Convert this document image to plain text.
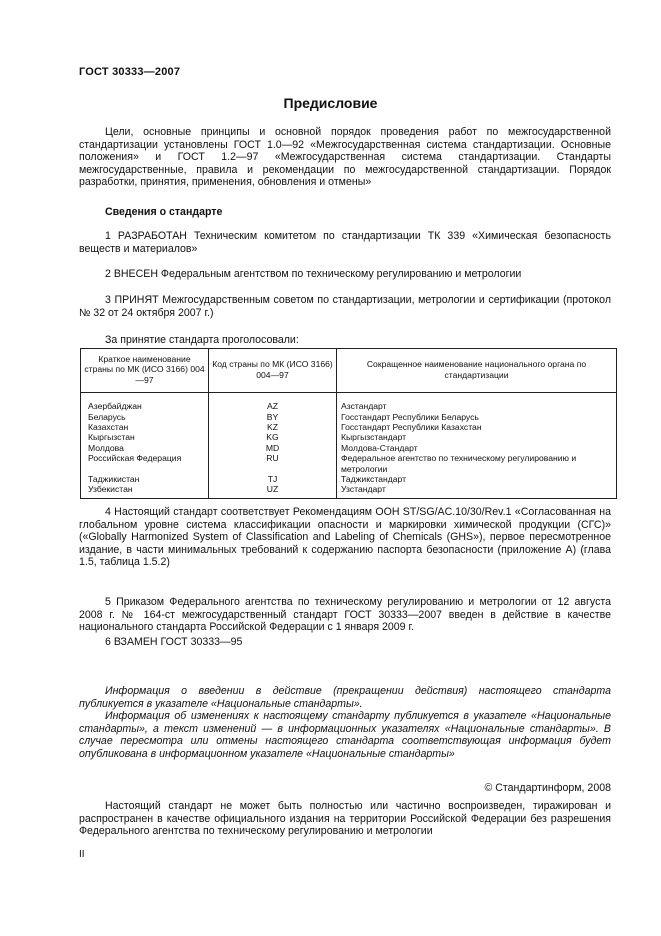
ГОСТ 30333—2007
Предисловие

Цели, основные принципы и основной порядок проведения работ по межгосударственной стандартизации установлены ГОСТ 1.0—92 «Межгосударственная система стандартизации. Основные положения» и ГОСТ 1.2—97 «Межгосударственная система стандартизации. Стандарты межгосударственные, правила и рекомендации по межгосударственной стандартизации. Порядок разработки, принятия, применения, обновления и отмены»

Сведения о стандарте
1 РАЗРАБОТАН Техническим комитетом по стандартизации ТК 339 «Химическая безопасность веществ и материалов»
2 ВНЕСЕН Федеральным агентством по техническому регулированию и метрологии
3 ПРИНЯТ Межгосударственным советом по стандартизации, метрологии и сертификации (протокол № 32 от 24 октября 2007 г.)
За принятие стандарта проголосовали:
Краткое наименование страны по МК (ИСО 3166) 004—97	Код страны по МК (ИСО 3166) 004—97	Сокращенное наименование национального органа по стандартизации
Азербайджан	AZ	Азстандарт
Беларусь	BY	Госстандарт Республики Беларусь
Казахстан	KZ	Госстандарт Республики Казахстан
Кыргызстан	KG	Кыргызстандарт
Молдова	MD	Молдова-Стандарт
Российская Федерация	RU	Федеральное агентство по техническому регулированию и метрологии
Таджикистан	TJ	Таджикстандарт
Узбекистан	UZ	Узстандарт
4 Настоящий стандарт соответствует Рекомендациям ООН ST/SG/AC.10/30/Rev.1 «Согласованная на глобальном уровне система классификации опасности и маркировки химической продукции (СГС)» («Globally Harmonized System of Classification and Labeling of Chemicals (GHS»), первое пересмотренное издание, в части минимальных требований к содержанию паспорта безопасности (приложение А) (глава 1.5, таблица 1.5.2)
5 Приказом Федерального агентства по техническому регулированию и метрологии от 12 августа 2008 г. № 164-ст межгосударственный стандарт ГОСТ 30333—2007 введен в действие в качестве национального стандарта Российской Федерации с 1 января 2009 г.
6 ВЗАМЕН ГОСТ 30333—95

Информация о введении в действие (прекращении действия) настоящего стандарта публикуется в указателе «Национальные стандарты».

Информация об изменениях к настоящему стандарту публикуется в указателе «Национальные стандарты», а текст изменений — в информационных указателях «Национальные стандарты». В случае пересмотра или отмены настоящего стандарта соответствующая информация будет опубликована в информационном указателе «Национальные стандарты»

© Стандартинформ, 2008
Настоящий стандарт не может быть полностью или частично воспроизведен, тиражирован и распространен в качестве официального издания на территории Российской Федерации без разрешения Федерального агентства по техническому регулированию и метрологии
II
